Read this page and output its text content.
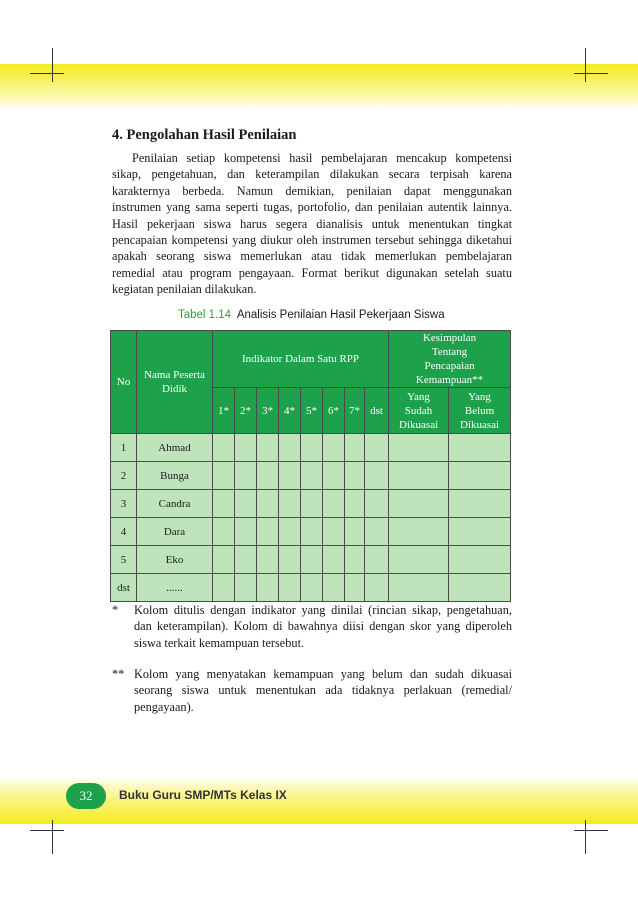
4. Pengolahan Hasil Penilaian
Penilaian setiap kompetensi hasil pembelajaran mencakup kompetensi
sikap, pengetahuan, dan keterampilan dilakukan secara terpisah karena
karakternya berbeda. Namun demikian, penilaian dapat menggunakan
instrumen yang sama seperti tugas, portofolio, dan penilaian autentik lainnya.
Hasil pekerjaan siswa harus segera dianalisis untuk menentukan tingkat
pencapaian kompetensi yang diukur oleh instrumen tersebut sehingga diketahui
apakah seorang siswa memerlukan atau tidak memerlukan pembelajaran
remedial atau program pengayaan. Format berikut digunakan setelah suatu
kegiatan penilaian dilakukan.
Tabel 1.14 Analisis Penilaian Hasil Pekerjaan Siswa
No	Nama Peserta Didik	Indikator Dalam Satu RPP								Kesimpulan Tentang Pencapaian Kemampuan**	
		1*	2*	3*	4*	5*	6*	7*	dst	Yang Sudah Dikuasai	Yang Belum Dikuasai
1	Ahmad										
2	Bunga										
3	Candra										
4	Dara										
5	Eko										
dst	......										
* Kolom ditulis dengan indikator yang dinilai (rincian sikap, pengetahuan, dan keterampilan). Kolom di bawahnya diisi dengan skor yang diperoleh siswa terkait kemampuan tersebut.
** Kolom yang menyatakan kemampuan yang belum dan sudah dikuasai seorang siswa untuk menentukan ada tidaknya perlakuan (remedial/ pengayaan).
32	Buku Guru SMP/MTs Kelas IX
